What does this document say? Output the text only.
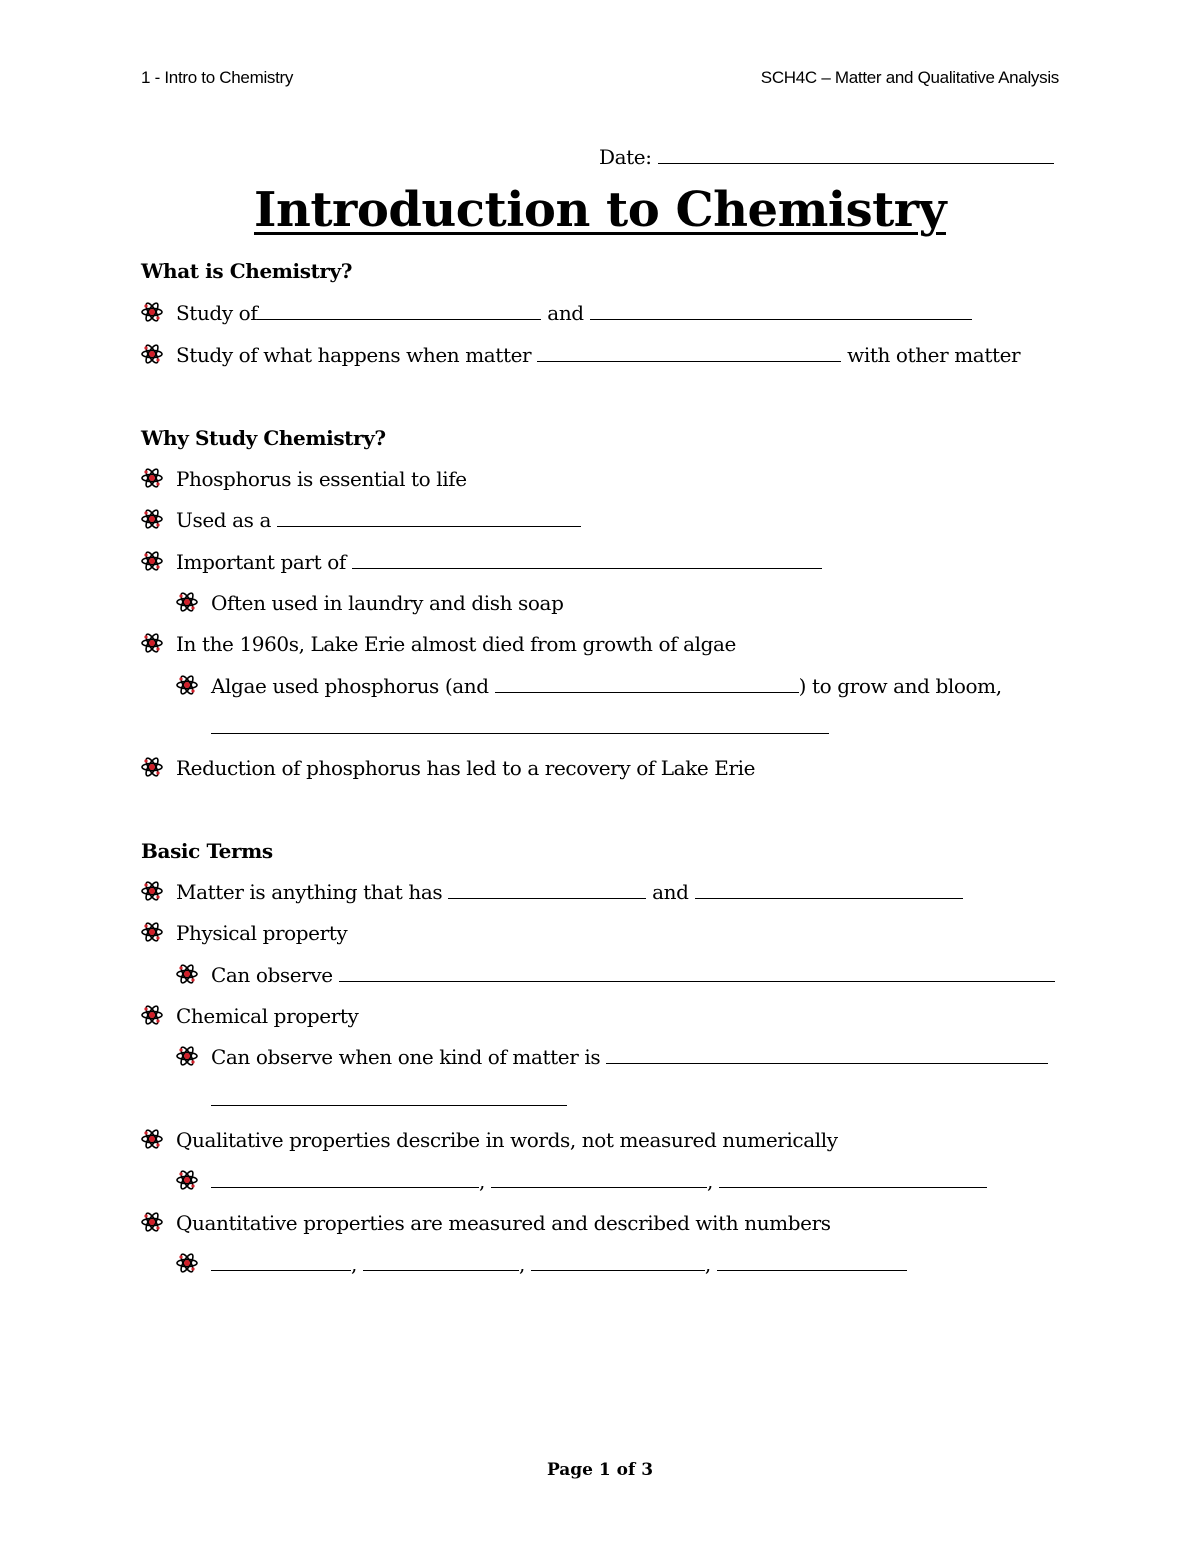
1 - Intro to Chemistry	SCH4C – Matter and Qualitative Analysis
Date:
Introduction to Chemistry
What is Chemistry?
Study of	and
Study of what happens when matter	with other matter
Why Study Chemistry?
Phosphorus is essential to life
Used as a
Important part of
Often used in laundry and dish soap
In the 1960s, Lake Erie almost died from growth of algae
Algae used phosphorus (and	) to grow and bloom,
Reduction of phosphorus has led to a recovery of Lake Erie
Basic Terms
Matter is anything that has	and
Physical property
Can observe
Chemical property
Can observe when one kind of matter is
Qualitative properties describe in words, not measured numerically
,	,
Quantitative properties are measured and described with numbers
,	,	,
Page 1 of 3
